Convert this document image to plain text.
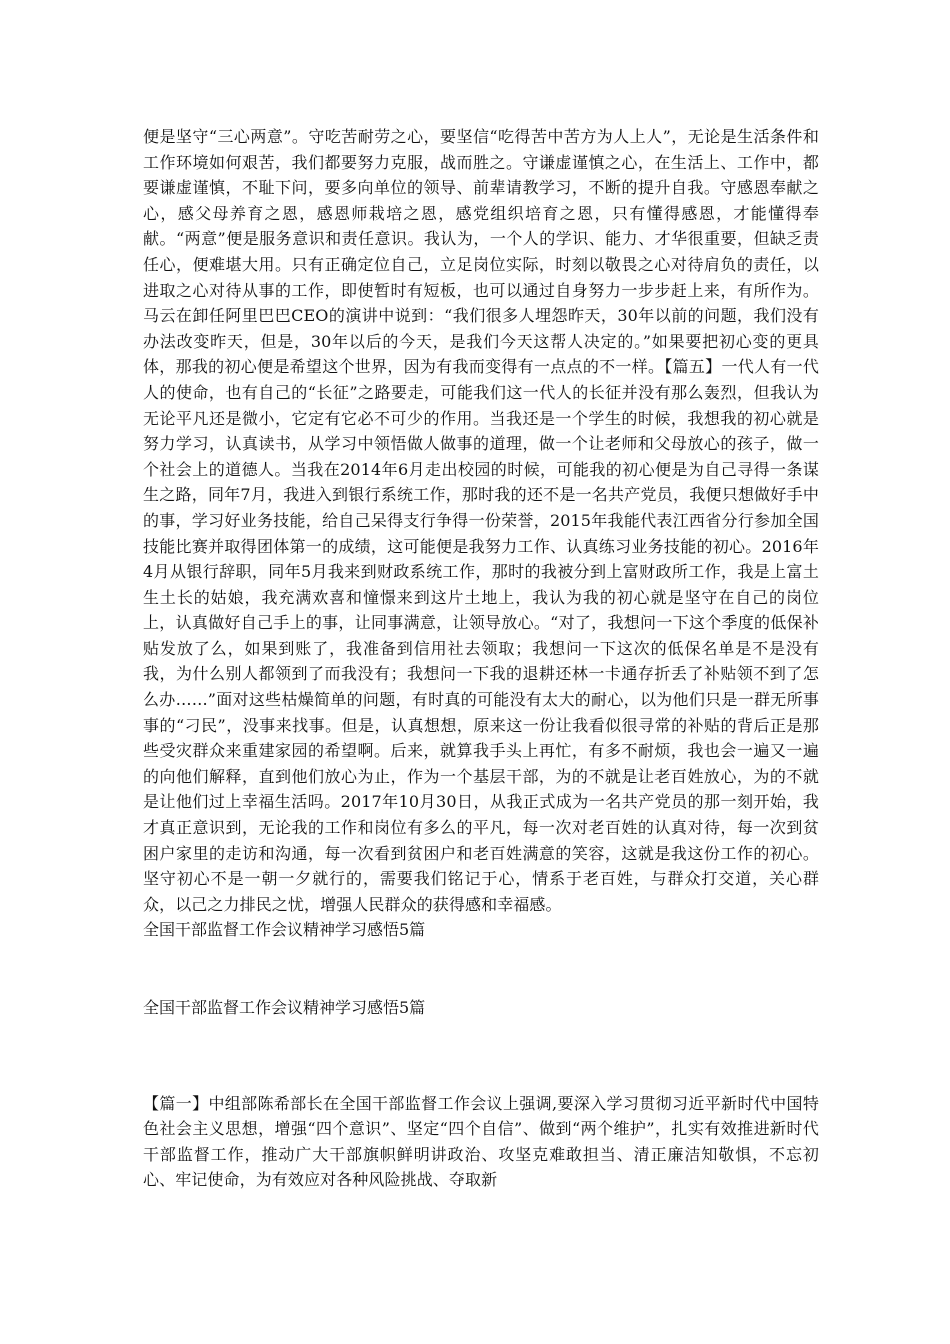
便是坚守“三心两意”。守吃苦耐劳之心，要坚信“吃得苦中苦方为人上人”，无论是生活条件和工作环境如何艰苦，我们都要努力克服，战而胜之。守谦虚谨慎之心，在生活上、工作中，都要谦虚谨慎，不耻下问，要多向单位的领导、前辈请教学习，不断的提升自我。守感恩奉献之心，感父母养育之恩，感恩师栽培之恩，感党组织培育之恩，只有懂得感恩，才能懂得奉献。“两意”便是服务意识和责任意识。我认为，一个人的学识、能力、才华很重要，但缺乏责任心，便难堪大用。只有正确定位自己，立足岗位实际，时刻以敬畏之心对待肩负的责任，以进取之心对待从事的工作，即使暂时有短板，也可以通过自身努力一步步赶上来，有所作为。马云在卸任阿里巴巴CEO的演讲中说到：“我们很多人埋怨昨天，30年以前的问题，我们没有办法改变昨天，但是，30年以后的今天，是我们今天这帮人决定的。”如果要把初心变的更具体，那我的初心便是希望这个世界，因为有我而变得有一点点的不一样。【篇五】一代人有一代人的使命，也有自己的“长征”之路要走，可能我们这一代人的长征并没有那么轰烈，但我认为无论平凡还是微小，它定有它必不可少的作用。当我还是一个学生的时候，我想我的初心就是努力学习，认真读书，从学习中领悟做人做事的道理，做一个让老师和父母放心的孩子，做一个社会上的道德人。当我在2014年6月走出校园的时候，可能我的初心便是为自己寻得一条谋生之路，同年7月，我进入到银行系统工作，那时我的还不是一名共产党员，我便只想做好手中的事，学习好业务技能，给自己呆得支行争得一份荣誉，2015年我能代表江西省分行参加全国技能比赛并取得团体第一的成绩，这可能便是我努力工作、认真练习业务技能的初心。2016年4月从银行辞职，同年5月我来到财政系统工作，那时的我被分到上富财政所工作，我是上富土生土长的姑娘，我充满欢喜和憧憬来到这片土地上，我认为我的初心就是坚守在自己的岗位上，认真做好自己手上的事，让同事满意，让领导放心。“对了，我想问一下这个季度的低保补贴发放了么，如果到账了，我准备到信用社去领取；我想问一下这次的低保名单是不是没有我，为什么别人都领到了而我没有；我想问一下我的退耕还林一卡通存折丢了补贴领不到了怎么办……”面对这些枯燥简单的问题，有时真的可能没有太大的耐心，以为他们只是一群无所事事的“刁民”，没事来找事。但是，认真想想，原来这一份让我看似很寻常的补贴的背后正是那些受灾群众来重建家园的希望啊。后来，就算我手头上再忙，有多不耐烦，我也会一遍又一遍的向他们解释，直到他们放心为止，作为一个基层干部，为的不就是让老百姓放心，为的不就是让他们过上幸福生活吗。2017年10月30日，从我正式成为一名共产党员的那一刻开始，我才真正意识到，无论我的工作和岗位有多么的平凡，每一次对老百姓的认真对待，每一次到贫困户家里的走访和沟通，每一次看到贫困户和老百姓满意的笑容，这就是我这份工作的初心。坚守初心不是一朝一夕就行的，需要我们铭记于心，情系于老百姓，与群众打交道，关心群众，以己之力排民之忧，增强人民群众的获得感和幸福感。

全国干部监督工作会议精神学习感悟5篇

全国干部监督工作会议精神学习感悟5篇

【篇一】中组部陈希部长在全国干部监督工作会议上强调,要深入学习贯彻习近平新时代中国特色社会主义思想，增强“四个意识”、坚定“四个自信”、做到“两个维护”，扎实有效推进新时代干部监督工作，推动广大干部旗帜鲜明讲政治、攻坚克难敢担当、清正廉洁知敬惧，不忘初心、牢记使命，为有效应对各种风险挑战、夺取新
